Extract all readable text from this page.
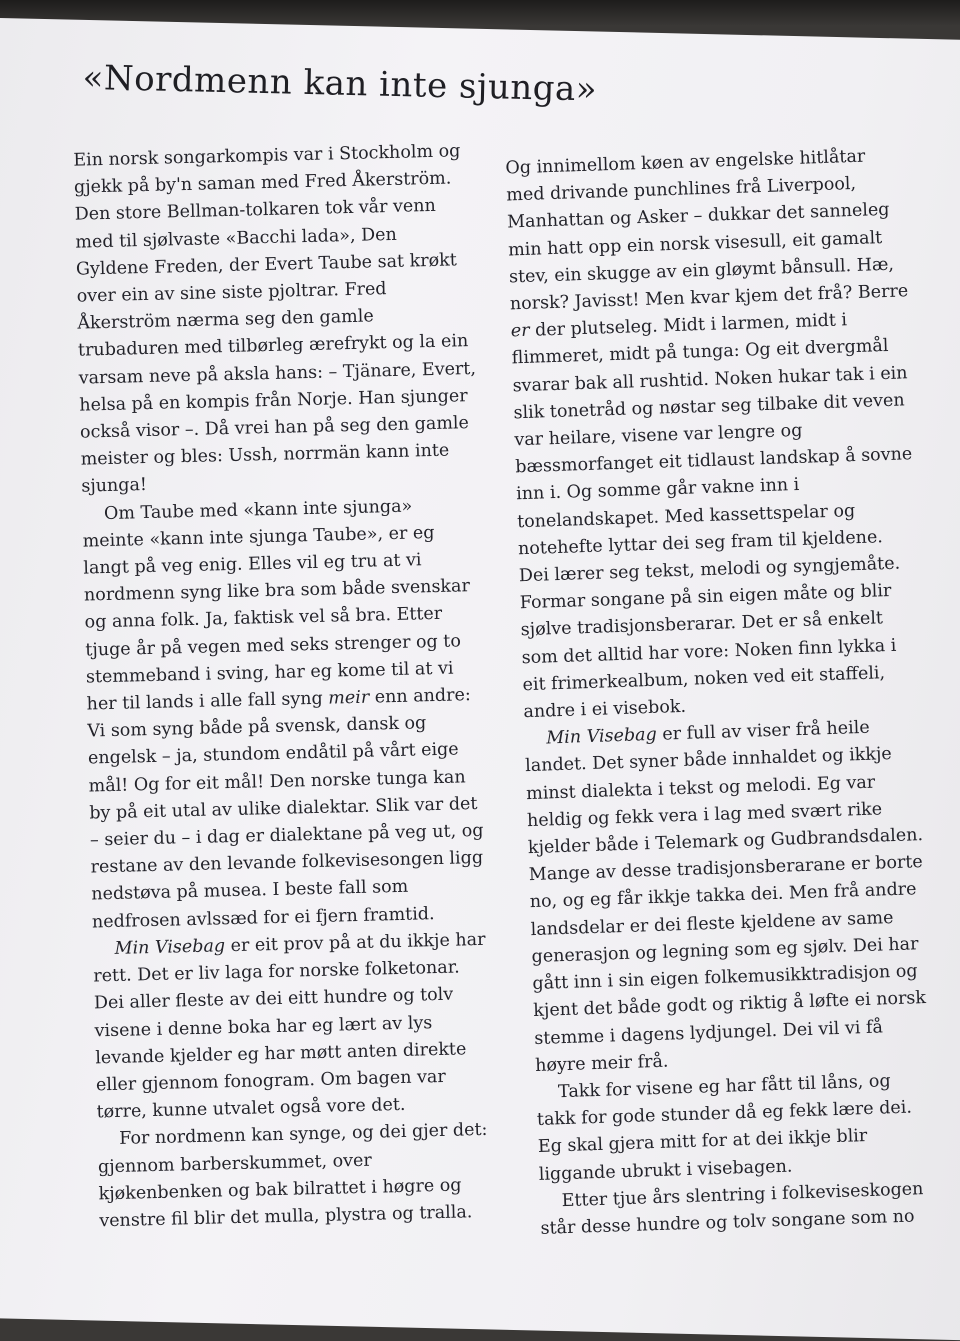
«Nordmenn kan inte sjunga»

Ein norsk songarkompis var i Stockholm og
gjekk på by'n saman med Fred Åkerström.
Den store Bellman-tolkaren tok vår venn
med til sjølvaste «Bacchi lada», Den
Gyldene Freden, der Evert Taube sat krøkt
over ein av sine siste pjoltrar. Fred
Åkerström nærma seg den gamle
trubaduren med tilbørleg ærefrykt og la ein
varsam neve på aksla hans: – Tjänare, Evert,
helsa på en kompis från Norje. Han sjunger
också visor –. Då vrei han på seg den gamle
meister og bles: Ussh, norrmän kann inte
sjunga!

Om Taube med «kann inte sjunga»
meinte «kann inte sjunga Taube», er eg
langt på veg enig. Elles vil eg tru at vi
nordmenn syng like bra som både svenskar
og anna folk. Ja, faktisk vel så bra. Etter
tjuge år på vegen med seks strenger og to
stemmeband i sving, har eg kome til at vi
her til lands i alle fall syng meir enn andre:
Vi som syng både på svensk, dansk og
engelsk – ja, stundom endåtil på vårt eige
mål! Og for eit mål! Den norske tunga kan
by på eit utal av ulike dialektar. Slik var det
– seier du – i dag er dialektane på veg ut, og
restane av den levande folkevisesongen ligg
nedstøva på musea. I beste fall som
nedfrosen avlssæd for ei fjern framtid.

Min Visebag er eit prov på at du ikkje har
rett. Det er liv laga for norske folketonar.
Dei aller fleste av dei eitt hundre og tolv
visene i denne boka har eg lært av lys
levande kjelder eg har møtt anten direkte
eller gjennom fonogram. Om bagen var
tørre, kunne utvalet også vore det.

For nordmenn kan synge, og dei gjer det:
gjennom barberskummet, over
kjøkenbenken og bak bilrattet i høgre og
venstre fil blir det mulla, plystra og tralla.

Og innimellom køen av engelske hitlåtar
med drivande punchlines frå Liverpool,
Manhattan og Asker – dukkar det sanneleg
min hatt opp ein norsk visesull, eit gamalt
stev, ein skugge av ein gløymt bånsull. Hæ,
norsk? Javisst! Men kvar kjem det frå? Berre
er der plutseleg. Midt i larmen, midt i
flimmeret, midt på tunga: Og eit dvergmål
svarar bak all rushtid. Noken hukar tak i ein
slik tonetråd og nøstar seg tilbake dit veven
var heilare, visene var lengre og
bæssmorfanget eit tidlaust landskap å sovne
inn i. Og somme går vakne inn i
tonelandskapet. Med kassettspelar og
notehefte lyttar dei seg fram til kjeldene.
Dei lærer seg tekst, melodi og syngjemåte.
Formar songane på sin eigen måte og blir
sjølve tradisjonsberarar. Det er så enkelt
som det alltid har vore: Noken finn lykka i
eit frimerkealbum, noken ved eit staffeli,
andre i ei visebok.

Min Visebag er full av viser frå heile
landet. Det syner både innhaldet og ikkje
minst dialekta i tekst og melodi. Eg var
heldig og fekk vera i lag med svært rike
kjelder både i Telemark og Gudbrandsdalen.
Mange av desse tradisjonsberarane er borte
no, og eg får ikkje takka dei. Men frå andre
landsdelar er dei fleste kjeldene av same
generasjon og legning som eg sjølv. Dei har
gått inn i sin eigen folkemusikktradisjon og
kjent det både godt og riktig å løfte ei norsk
stemme i dagens lydjungel. Dei vil vi få
høyre meir frå.

Takk for visene eg har fått til låns, og
takk for gode stunder då eg fekk lære dei.
Eg skal gjera mitt for at dei ikkje blir
liggande ubrukt i visebagen.

Etter tjue års slentring i folkeviseskogen
står desse hundre og tolv songane som no
